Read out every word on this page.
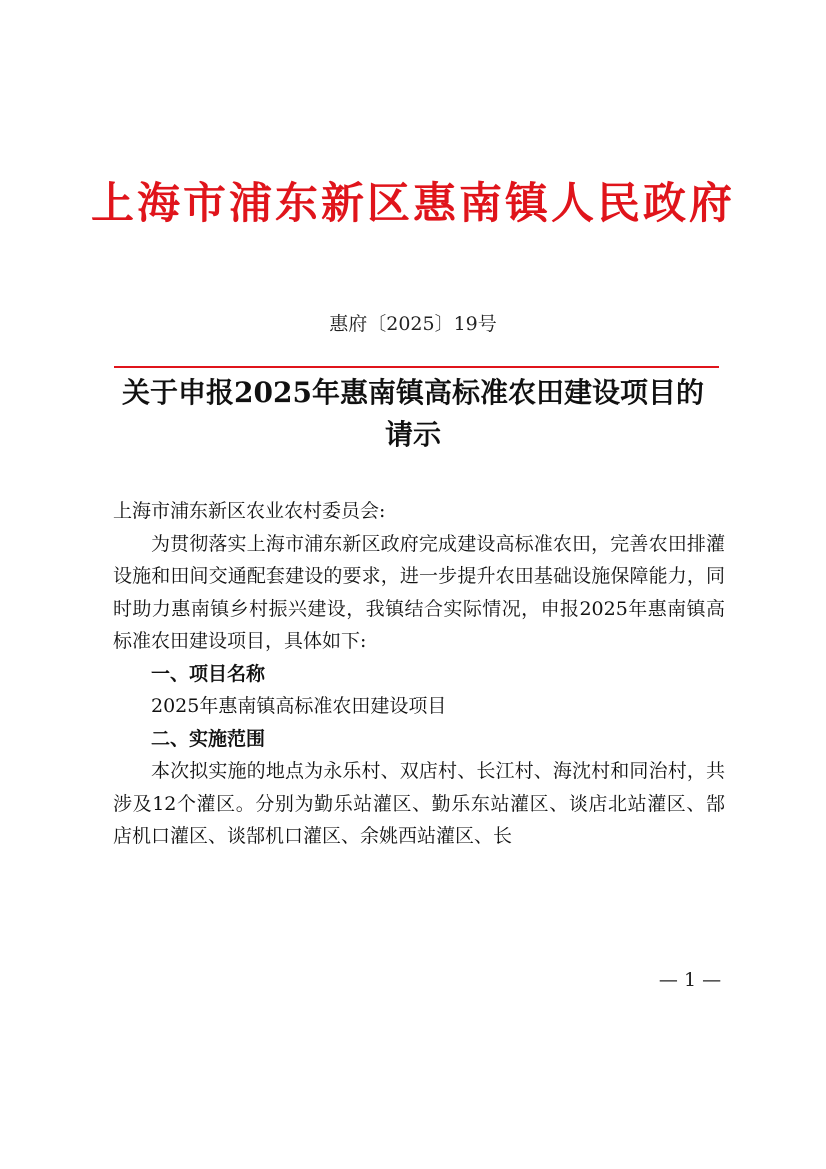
上海市浦东新区惠南镇人民政府
惠府〔2025〕19号
关于申报2025年惠南镇高标准农田建设项目的
请示

上海市浦东新区农业农村委员会:

为贯彻落实上海市浦东新区政府完成建设高标准农田，完善农田排灌设施和田间交通配套建设的要求，进一步提升农田基础设施保障能力，同时助力惠南镇乡村振兴建设，我镇结合实际情况，申报2025年惠南镇高标准农田建设项目，具体如下:

一、项目名称

2025年惠南镇高标准农田建设项目

二、实施范围

本次拟实施的地点为永乐村、双店村、长江村、海沈村和同治村，共涉及12个灌区。分别为勤乐站灌区、勤乐东站灌区、谈店北站灌区、郜店机口灌区、谈郜机口灌区、余姚西站灌区、长

— 1 —
